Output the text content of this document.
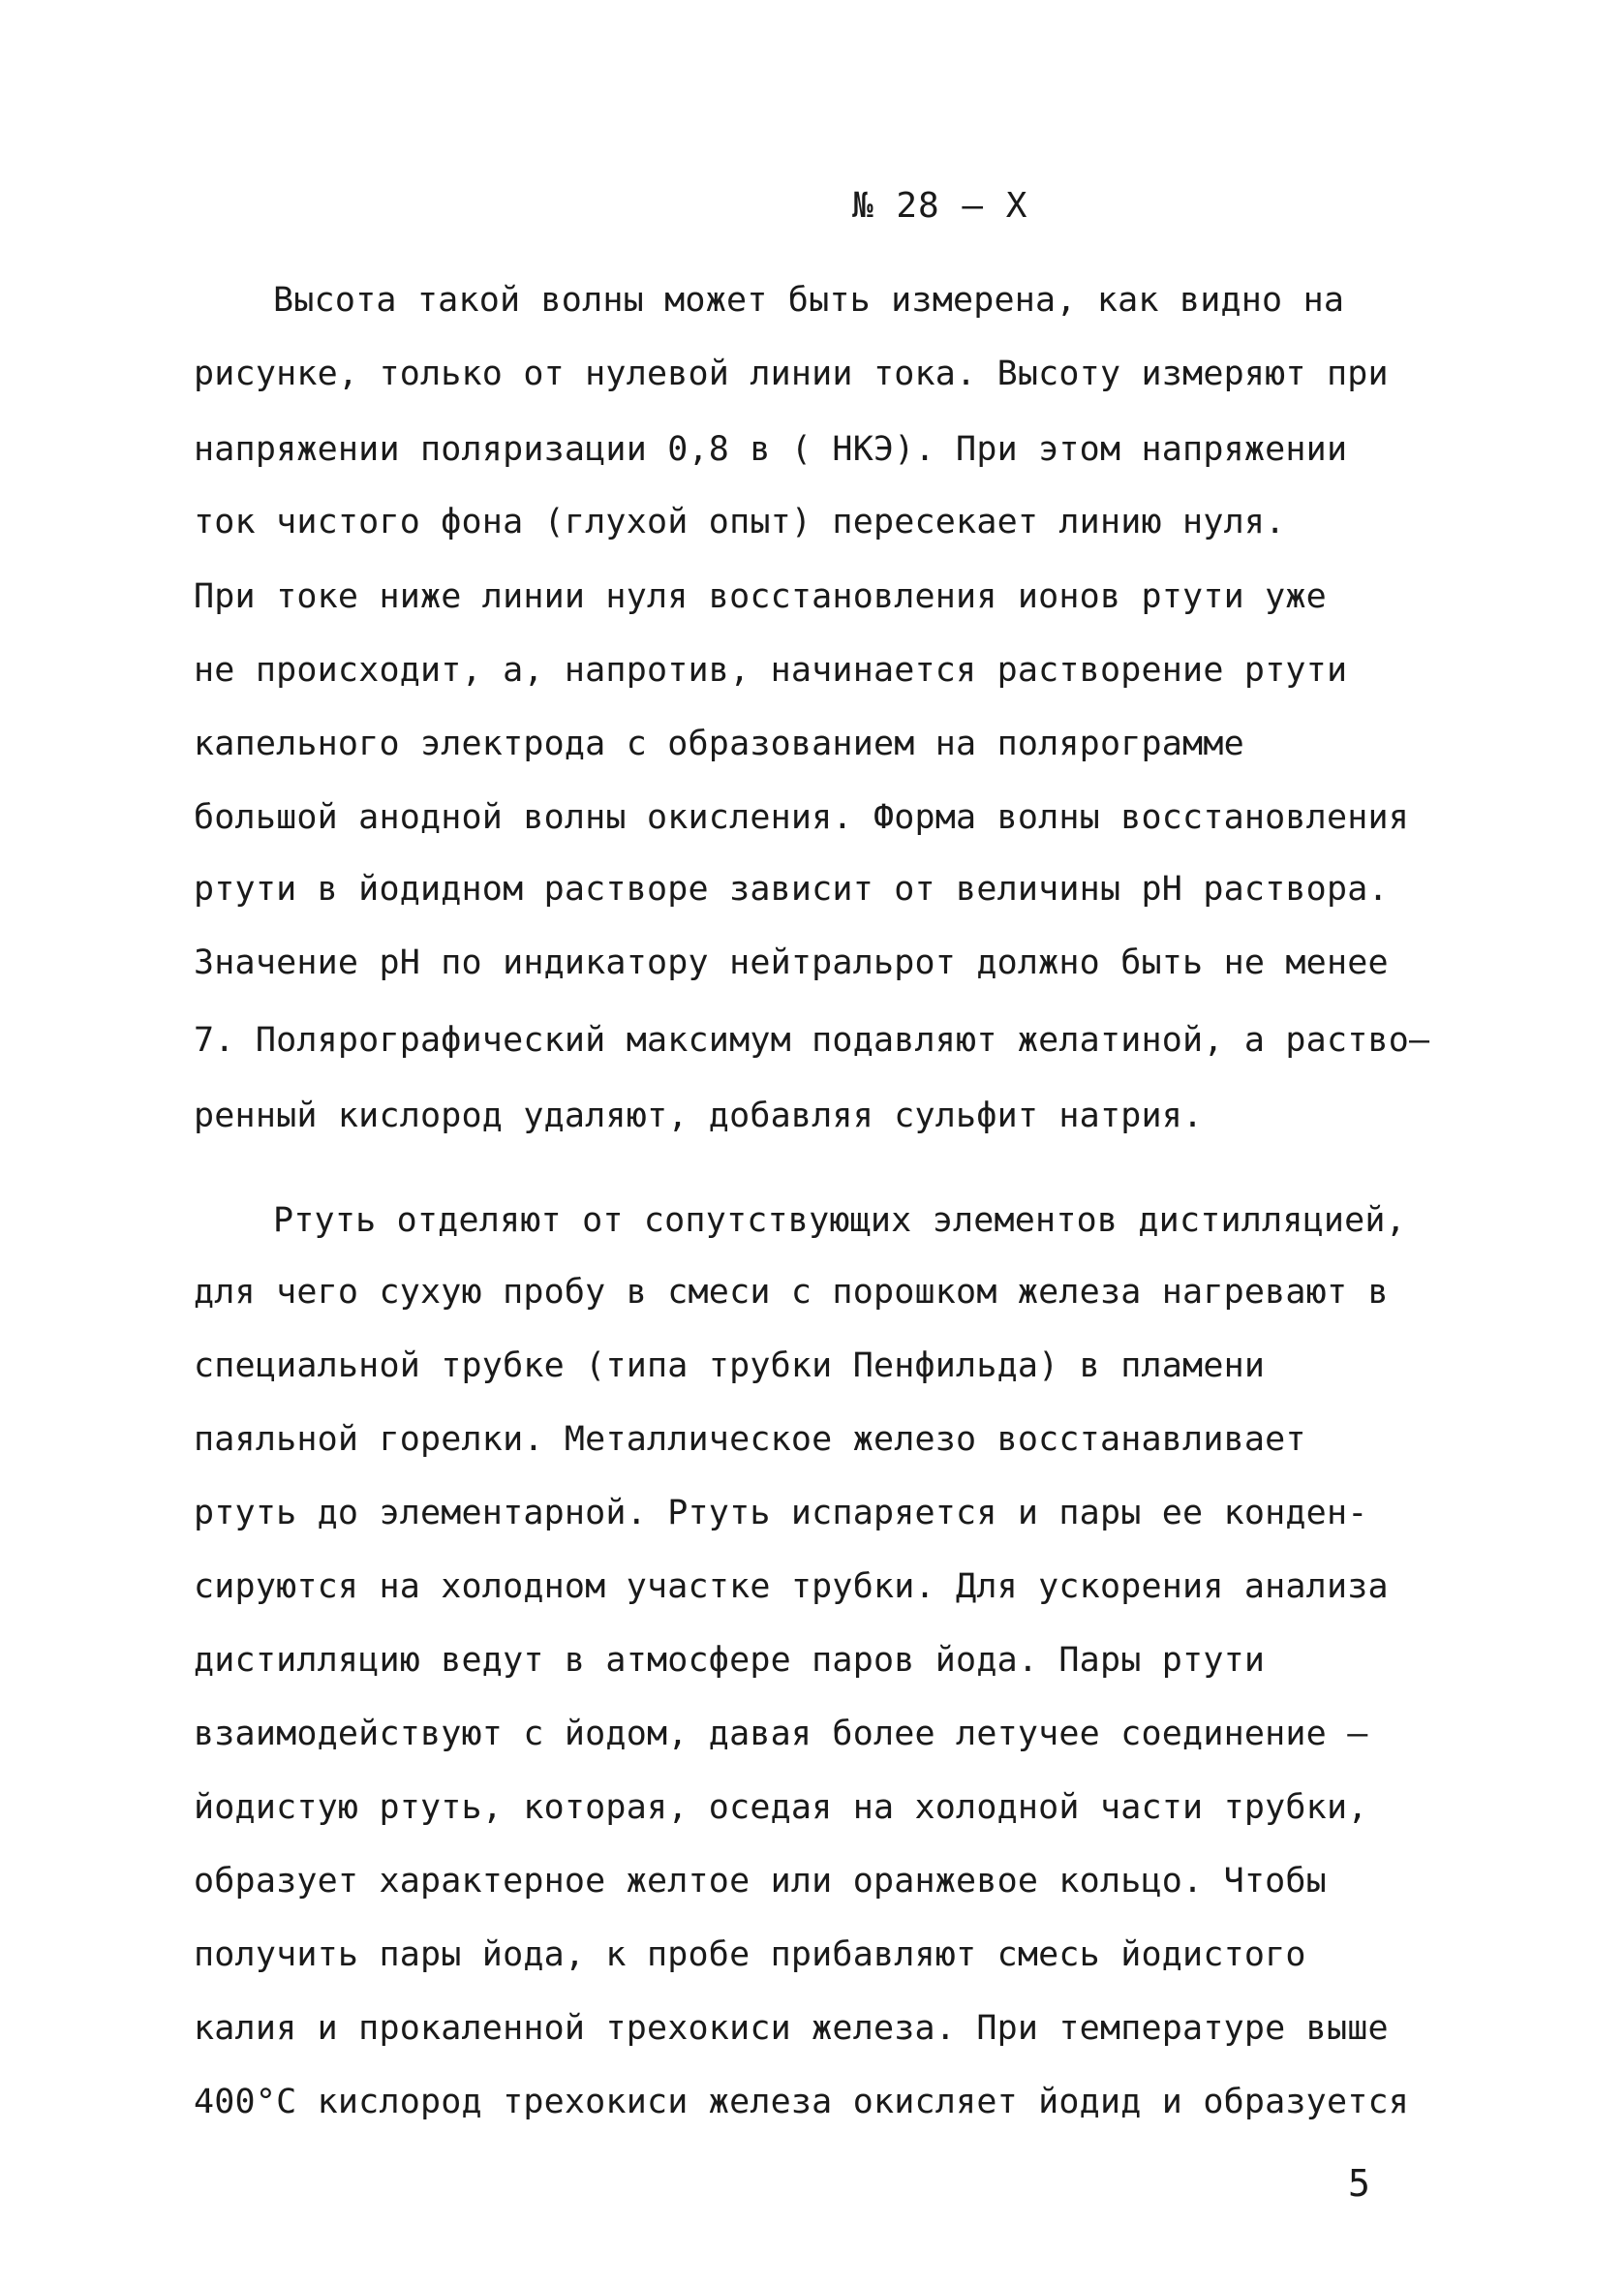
№ 28 – X
Высота такой волны может быть измерена, как видно на
рисунке, только от нулевой линии тока. Высоту измеряют при
напряжении поляризации 0,8 в ( НКЭ). При этом напряжении
ток чистого фона (глухой опыт) пересекает линию нуля.
При токе ниже линии нуля восстановления ионов ртути уже
не происходит, а, напротив, начинается растворение ртути
капельного электрода с образованием на полярограмме
большой анодной волны окисления. Форма волны восстановления
ртути в йодидном растворе зависит от величины pH раствора.
Значение pH по индикатору нейтральрот должно быть не менее
7. Полярографический максимум подавляют желатиной, а раство–
ренный кислород удаляют, добавляя сульфит натрия.
Ртуть отделяют от сопутствующих элементов дистилляцией,
для чего сухую пробу в смеси с порошком железа нагревают в
специальной трубке (типа трубки Пенфильда) в пламени
паяльной горелки. Металлическое железо восстанавливает
ртуть до элементарной. Ртуть испаряется и пары ее конден-
сируются на холодном участке трубки. Для ускорения анализа
дистилляцию ведут в атмосфере паров йода. Пары ртути
взаимодействуют с йодом, давая более летучее соединение –
йодистую ртуть, которая, оседая на холодной части трубки,
образует характерное желтое или оранжевое кольцо. Чтобы
получить пары йода, к пробе прибавляют смесь йодистого
калия и прокаленной трехокиси железа. При температуре выше
400°С кислород трехокиси железа окисляет йодид и образуется
5
